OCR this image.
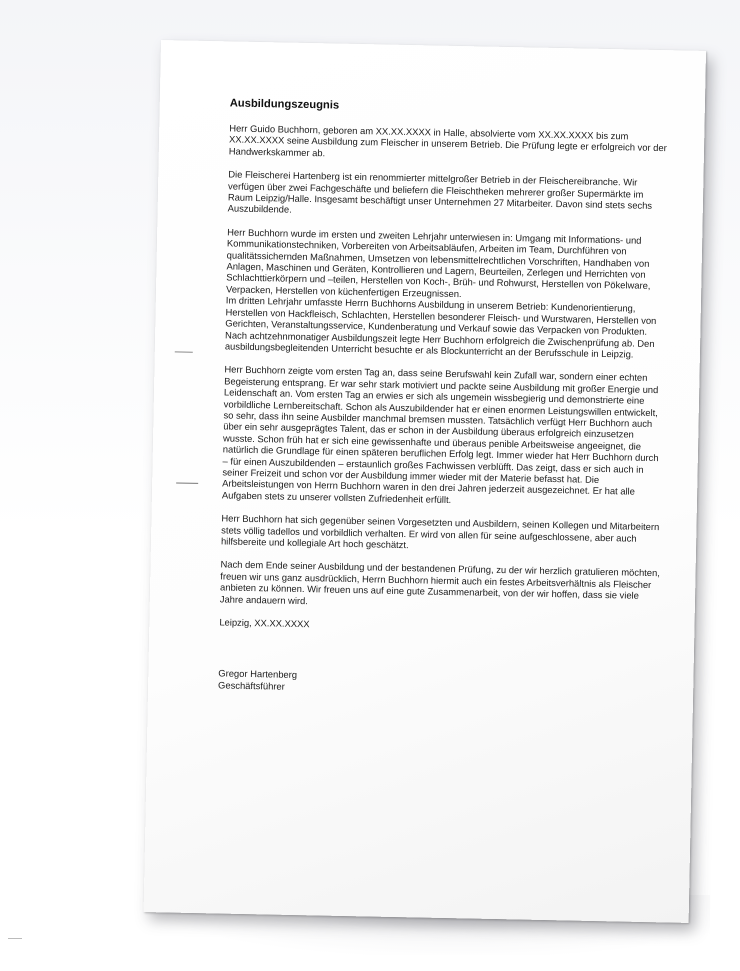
Ausbildungszeugnis

Herr Guido Buchhorn, geboren am XX.XX.XXXX in Halle, absolvierte vom XX.XX.XXXX bis zum XX.XX.XXXX seine Ausbildung zum Fleischer in unserem Betrieb. Die Prüfung legte er erfolgreich vor der Handwerkskammer ab.

Die Fleischerei Hartenberg ist ein renommierter mittelgroßer Betrieb in der Fleischereibranche. Wir verfügen über zwei Fachgeschäfte und beliefern die Fleischtheken mehrerer großer Supermärkte im Raum Leipzig/Halle. Insgesamt beschäftigt unser Unternehmen 27 Mitarbeiter. Davon sind stets sechs Auszubildende.

Herr Buchhorn wurde im ersten und zweiten Lehrjahr unterwiesen in: Umgang mit Informations- und Kommunikationstechniken, Vorbereiten von Arbeitsabläufen, Arbeiten im Team, Durchführen von qualitätssichernden Maßnahmen, Umsetzen von lebensmittelrechtlichen Vorschriften, Handhaben von Anlagen, Maschinen und Geräten, Kontrollieren und Lagern, Beurteilen, Zerlegen und Herrichten von Schlachttierkörpern und –teilen, Herstellen von Koch-, Brüh- und Rohwurst, Herstellen von Pökelware, Verpacken, Herstellen von küchenfertigen Erzeugnissen.

Im dritten Lehrjahr umfasste Herrn Buchhorns Ausbildung in unserem Betrieb: Kundenorientierung, Herstellen von Hackfleisch, Schlachten, Herstellen besonderer Fleisch- und Wurstwaren, Herstellen von Gerichten, Veranstaltungsservice, Kundenberatung und Verkauf sowie das Verpacken von Produkten. Nach achtzehnmonatiger Ausbildungszeit legte Herr Buchhorn erfolgreich die Zwischenprüfung ab. Den ausbildungsbegleitenden Unterricht besuchte er als Blockunterricht an der Berufsschule in Leipzig.

Herr Buchhorn zeigte vom ersten Tag an, dass seine Berufswahl kein Zufall war, sondern einer echten Begeisterung entsprang. Er war sehr stark motiviert und packte seine Ausbildung mit großer Energie und Leidenschaft an. Vom ersten Tag an erwies er sich als ungemein wissbegierig und demonstrierte eine vorbildliche Lernbereitschaft. Schon als Auszubildender hat er einen enormen Leistungswillen entwickelt, so sehr, dass ihn seine Ausbilder manchmal bremsen mussten. Tatsächlich verfügt Herr Buchhorn auch über ein sehr ausgeprägtes Talent, das er schon in der Ausbildung überaus erfolgreich einzusetzen wusste. Schon früh hat er sich eine gewissenhafte und überaus penible Arbeitsweise angeeignet, die natürlich die Grundlage für einen späteren beruflichen Erfolg legt. Immer wieder hat Herr Buchhorn durch – für einen Auszubildenden – erstaunlich großes Fachwissen verblüfft. Das zeigt, dass er sich auch in seiner Freizeit und schon vor der Ausbildung immer wieder mit der Materie befasst hat. Die Arbeitsleistungen von Herrn Buchhorn waren in den drei Jahren jederzeit ausgezeichnet. Er hat alle Aufgaben stets zu unserer vollsten Zufriedenheit erfüllt.

Herr Buchhorn hat sich gegenüber seinen Vorgesetzten und Ausbildern, seinen Kollegen und Mitarbeitern stets völlig tadellos und vorbildlich verhalten. Er wird von allen für seine aufgeschlossene, aber auch hilfsbereite und kollegiale Art hoch geschätzt.

Nach dem Ende seiner Ausbildung und der bestandenen Prüfung, zu der wir herzlich gratulieren möchten, freuen wir uns ganz ausdrücklich, Herrn Buchhorn hiermit auch ein festes Arbeitsverhältnis als Fleischer anbieten zu können. Wir freuen uns auf eine gute Zusammenarbeit, von der wir hoffen, dass sie viele Jahre andauern wird.

Leipzig, XX.XX.XXXX

Gregor Hartenberg
Geschäftsführer
